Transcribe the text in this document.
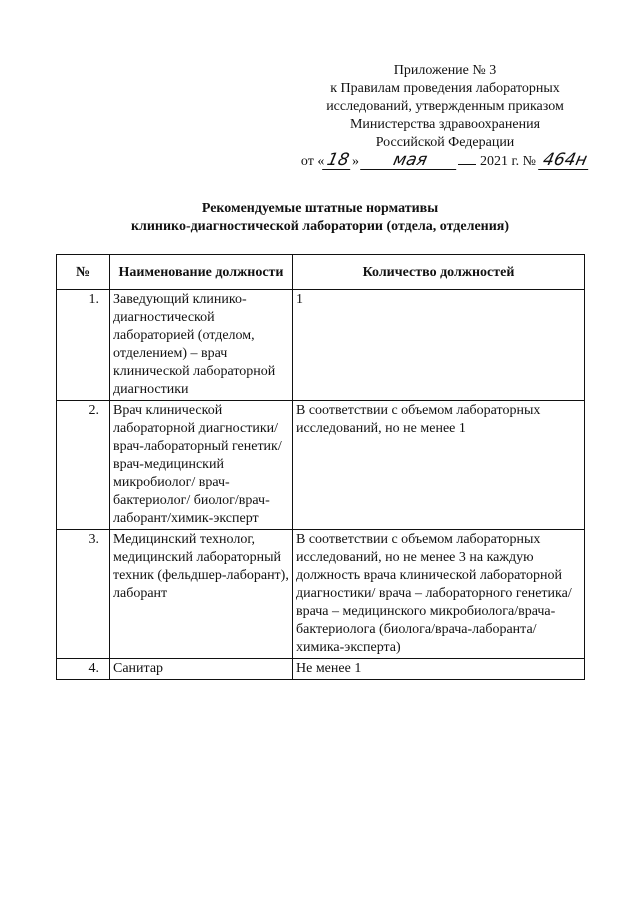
Приложение № 3
к Правилам проведения лабораторных
исследований, утвержденным приказом
Министерства здравоохранения
Российской Федерации
от «18» мая	2021 г. № 464н
Рекомендуемые штатные нормативы
клинико-диагностической лаборатории (отдела, отделения)
№	Наименование должности	Количество должностей
1.	Заведующий клинико-диагностической лабораторией (отделом, отделением) – врач клинической лабораторной диагностики	1
2.	Врач клинической лабораторной диагностики/ врач-лабораторный генетик/ врач-медицинский микробиолог/ врач-бактериолог/ биолог/врач-лаборант/химик-эксперт	В соответствии с объемом лабораторных исследований, но не менее 1
3.	Медицинский технолог, медицинский лабораторный техник (фельдшер-лаборант), лаборант	В соответствии с объемом лабораторных исследований, но не менее 3 на каждую должность врача клинической лабораторной диагностики/ врача – лабораторного генетика/ врача – медицинского микробиолога/врача-бактериолога (биолога/врача-лаборанта/ химика-эксперта)
4.	Санитар	Не менее 1
